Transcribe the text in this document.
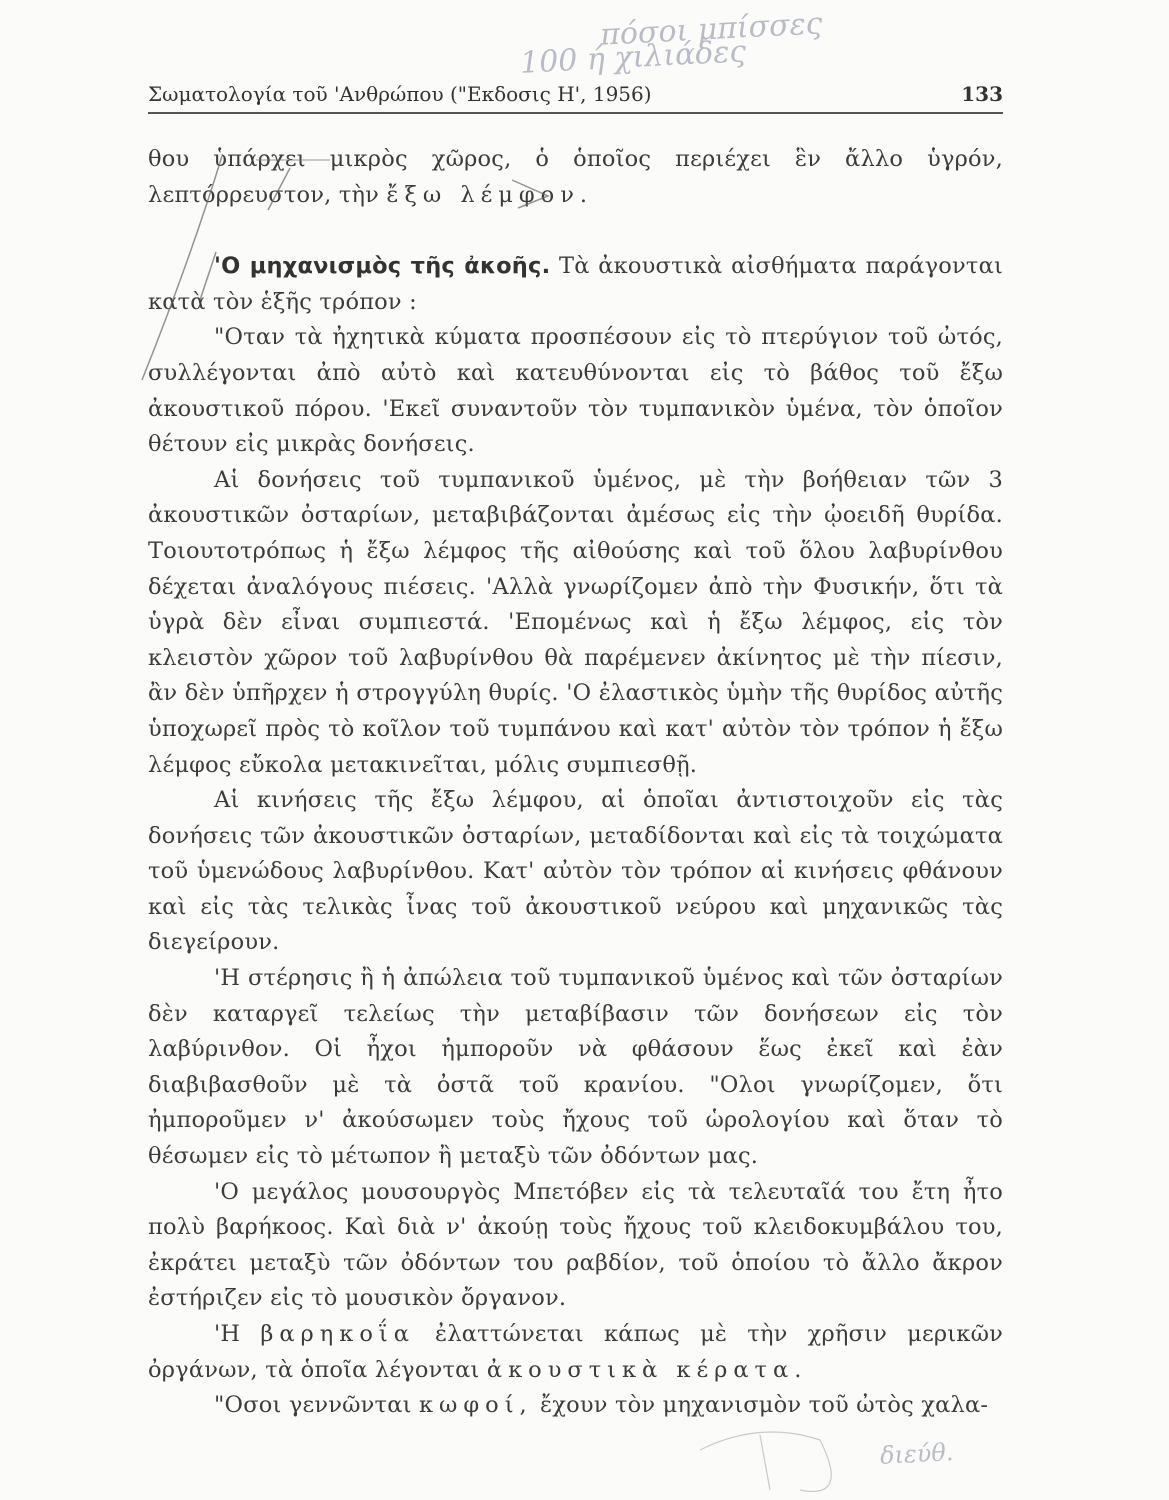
πόσοι μπίσσες
100 ή χιλιάδες
Σωματολογία τοῦ 'Ανθρώπου ("Εκδοσις Η', 1956)	133

θου ὑπάρχει μικρὸς χῶρος, ὁ ὁποῖος περιέχει ἓν ἄλλο ὑγρόν, λεπτόρρευστον, τὴν ἔξω λέμφον.

'Ο μηχανισμὸς τῆς ἀκοῆς. Τὰ ἀκουστικὰ αἰσθήματα παράγονται κατὰ τὸν ἑξῆς τρόπον :

"Οταν τὰ ἠχητικὰ κύματα προσπέσουν εἰς τὸ πτερύγιον τοῦ ὠτός, συλλέγονται ἀπὸ αὐτὸ καὶ κατευθύνονται εἰς τὸ βάθος τοῦ ἔξω ἀκουστικοῦ πόρου. 'Εκεῖ συναντοῦν τὸν τυμπανικὸν ὑμένα, τὸν ὁποῖον θέτουν εἰς μικρὰς δονήσεις.

Αἱ δονήσεις τοῦ τυμπανικοῦ ὑμένος, μὲ τὴν βοήθειαν τῶν 3 ἀκουστικῶν ὀσταρίων, μεταβιβάζονται ἀμέσως εἰς τὴν ᾠοειδῆ θυρίδα. Τοιουτοτρόπως ἡ ἔξω λέμφος τῆς αἰθούσης καὶ τοῦ ὅλου λαβυρίνθου δέχεται ἀναλόγους πιέσεις. 'Αλλὰ γνωρίζομεν ἀπὸ τὴν Φυσικήν, ὅτι τὰ ὑγρὰ δὲν εἶναι συμπιεστά. 'Επομένως καὶ ἡ ἔξω λέμφος, εἰς τὸν κλειστὸν χῶρον τοῦ λαβυρίνθου θὰ παρέμενεν ἀκίνητος μὲ τὴν πίεσιν, ἂν δὲν ὑπῆρχεν ἡ στρογγύλη θυρίς. 'Ο ἐλαστικὸς ὑμὴν τῆς θυρίδος αὐτῆς ὑποχωρεῖ πρὸς τὸ κοῖλον τοῦ τυμπάνου καὶ κατ' αὐτὸν τὸν τρόπον ἡ ἔξω λέμφος εὔκολα μετακινεῖται, μόλις συμπιεσθῇ.

Αἱ κινήσεις τῆς ἔξω λέμφου, αἱ ὁποῖαι ἀντιστοιχοῦν εἰς τὰς δονήσεις τῶν ἀκουστικῶν ὀσταρίων, μεταδίδονται καὶ εἰς τὰ τοιχώματα τοῦ ὑμενώδους λαβυρίνθου. Κατ' αὐτὸν τὸν τρόπον αἱ κινήσεις φθάνουν καὶ εἰς τὰς τελικὰς ἶνας τοῦ ἀκουστικοῦ νεύρου καὶ μηχανικῶς τὰς διεγείρουν.

'Η στέρησις ἢ ἡ ἀπώλεια τοῦ τυμπανικοῦ ὑμένος καὶ τῶν ὀσταρίων δὲν καταργεῖ τελείως τὴν μεταβίβασιν τῶν δονήσεων εἰς τὸν λαβύρινθον. Οἱ ἦχοι ἠμποροῦν νὰ φθάσουν ἕως ἐκεῖ καὶ ἐὰν διαβιβασθοῦν μὲ τὰ ὀστᾶ τοῦ κρανίου. "Ολοι γνωρίζομεν, ὅτι ἠμποροῦμεν ν' ἀκούσωμεν τοὺς ἤχους τοῦ ὡρολογίου καὶ ὅταν τὸ θέσωμεν εἰς τὸ μέτωπον ἢ μεταξὺ τῶν ὀδόντων μας.

'Ο μεγάλος μουσουργὸς Μπετόβεν εἰς τὰ τελευταῖά του ἔτη ἦτο πολὺ βαρήκοος. Καὶ διὰ ν' ἀκούῃ τοὺς ἤχους τοῦ κλειδοκυμβάλου του, ἐκράτει μεταξὺ τῶν ὀδόντων του ραβδίον, τοῦ ὁποίου τὸ ἄλλο ἄκρον ἐστήριζεν εἰς τὸ μουσικὸν ὄργανον.

'Η βαρηκοΐα ἐλαττώνεται κάπως μὲ τὴν χρῆσιν μερικῶν ὀργάνων, τὰ ὁποῖα λέγονται ἀκουστικὰ κέρατα.

"Οσοι γεννῶνται κωφοί, ἔχουν τὸν μηχανισμὸν τοῦ ὠτὸς χαλα-

διεύθ.
